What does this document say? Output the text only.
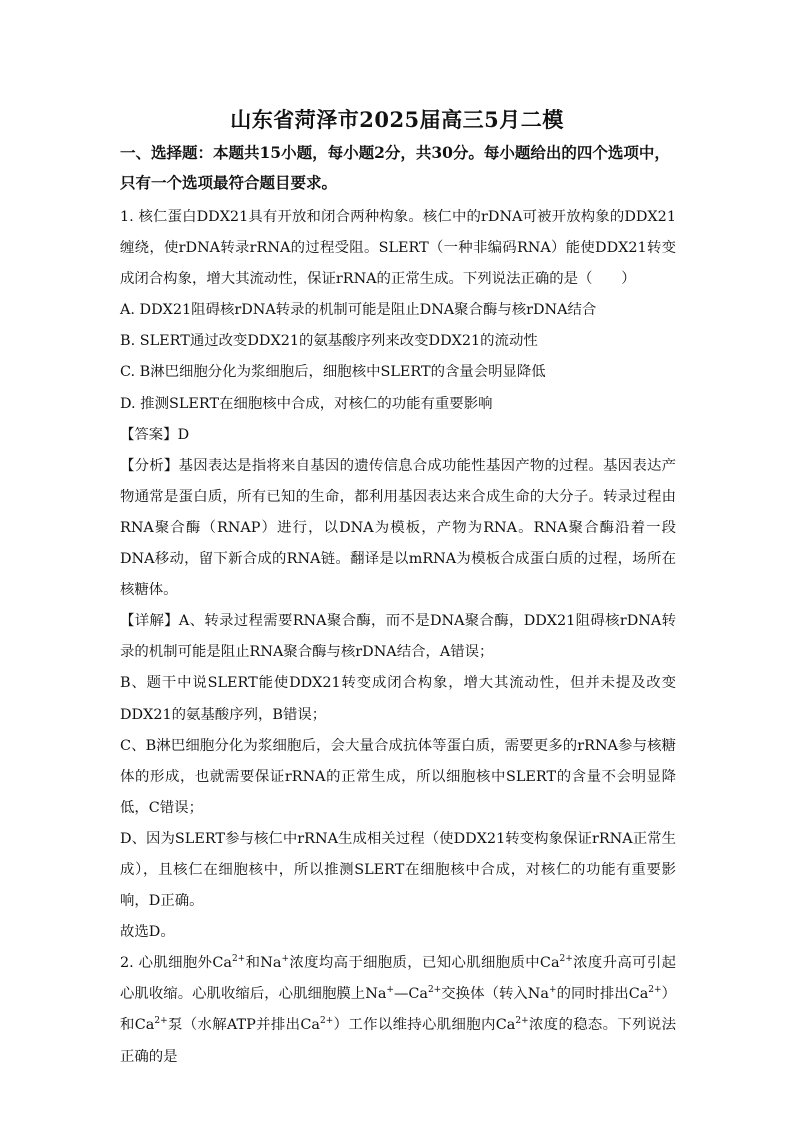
山东省菏泽市2025届高三5月二模
一、选择题：本题共15小题，每小题2分，共30分。每小题给出的四个选项中，只有一个选项最符合题目要求。

1. 核仁蛋白DDX21具有开放和闭合两种构象。核仁中的rDNA可被开放构象的DDX21缠绕，使rDNA转录rRNA的过程受阻。SLERT（一种非编码RNA）能使DDX21转变成闭合构象，增大其流动性，保证rRNA的正常生成。下列说法正确的是（　　）

A. DDX21阻碍核rDNA转录的机制可能是阻止DNA聚合酶与核rDNA结合

B. SLERT通过改变DDX21的氨基酸序列来改变DDX21的流动性

C. B淋巴细胞分化为浆细胞后，细胞核中SLERT的含量会明显降低

D. 推测SLERT在细胞核中合成，对核仁的功能有重要影响

【答案】D

【分析】基因表达是指将来自基因的遗传信息合成功能性基因产物的过程。基因表达产物通常是蛋白质，所有已知的生命，都利用基因表达来合成生命的大分子。转录过程由RNA聚合酶（RNAP）进行，以DNA为模板，产物为RNA。RNA聚合酶沿着一段DNA移动，留下新合成的RNA链。翻译是以mRNA为模板合成蛋白质的过程，场所在核糖体。

【详解】A、转录过程需要RNA聚合酶，而不是DNA聚合酶，DDX21阻碍核rDNA转录的机制可能是阻止RNA聚合酶与核rDNA结合，A错误；

B、题干中说SLERT能使DDX21转变成闭合构象，增大其流动性，但并未提及改变DDX21的氨基酸序列，B错误；

C、B淋巴细胞分化为浆细胞后，会大量合成抗体等蛋白质，需要更多的rRNA参与核糖体的形成，也就需要保证rRNA的正常生成，所以细胞核中SLERT的含量不会明显降低，C错误；

D、因为SLERT参与核仁中rRNA生成相关过程（使DDX21转变构象保证rRNA正常生成），且核仁在细胞核中，所以推测SLERT在细胞核中合成，对核仁的功能有重要影响，D正确。

故选D。

2. 心肌细胞外$Ca^{2+}$和Na+浓度均高于细胞质，已知心肌细胞质中$Ca^{2+}$浓度升高可引起心肌收缩。心肌收缩后，心肌细胞膜上$Na^+—Ca^{2+}$交换体（转入Na+的同时排出$Ca^{2+}$）和$Ca^{2+}$泵（水解ATP并排出$Ca^{2+}$）工作以维持心肌细胞内$Ca^{2+}$浓度的稳态。下列说法正确的是
